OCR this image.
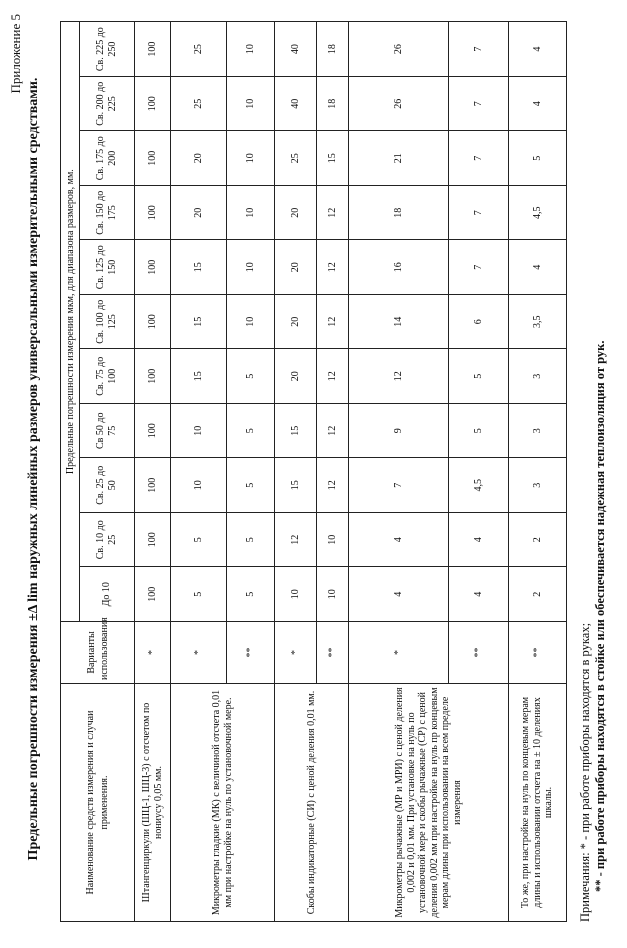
Приложение 5
Предельные погрешности измерения ±Δ lim наружных линейных размеров универсальными измерительными средствами.	Наименование средств измерения и случаи применения.	Варианты использования	Предельные погрешности измерения мкм, для диапазона размеров, мм.										
		До 10	Св. 10 до 25	Св. 25 до 50	Св 50 до 75	Св. 75 до 100	Св. 100 до 125	Св. 125 до 150	Св. 150 до 175	Св. 175 до 200	Св. 200 до 225	Св. 225 до 250
Штангенциркули (ШЦ-1, ШЦ-3) с отсчетом по нониусу 0,05 мм.	*	100	100	100	100	100	100	100	100	100	100	100
Микрометры гладкие (МК) с величиной отсчета 0,01 мм при настройке на нуль по установочной мере.	*	5	5	10	10	15	15	15	20	20	25	25
	**	5	5	5	5	5	10	10	10	10	10	10
Скобы индикаторные (СИ) с ценой деления 0,01 мм.	*	10	12	15	15	20	20	20	20	25	40	40
	**	10	10	12	12	12	12	12	12	15	18	18
Микрометры рычажные (МР и МРИ) с ценой деления 0,002 и 0,01 мм. При установке на нуль по установочной мере и скобы рычажные (СР) с ценой деления 0,002 мм при настройке на нуль пр концевым мерам длины при использовании на всем пределе измерения	*	4	4	7	9	12	14	16	18	21	26	26
	**	4	4	4,5	5	5	6	7	7	7	7	7
То же, при настройке на нуль по концевым мерам длины и использовании отсчета на ± 10 делениях шкалы.	**	2	2	3	3	3	3,5	4	4,5	5	4	4
Примечания: * - при работе приборы находятся в руках; ** - при работе приборы находятся в стойке или обеспечивается надежная теплоизоляция от рук.
